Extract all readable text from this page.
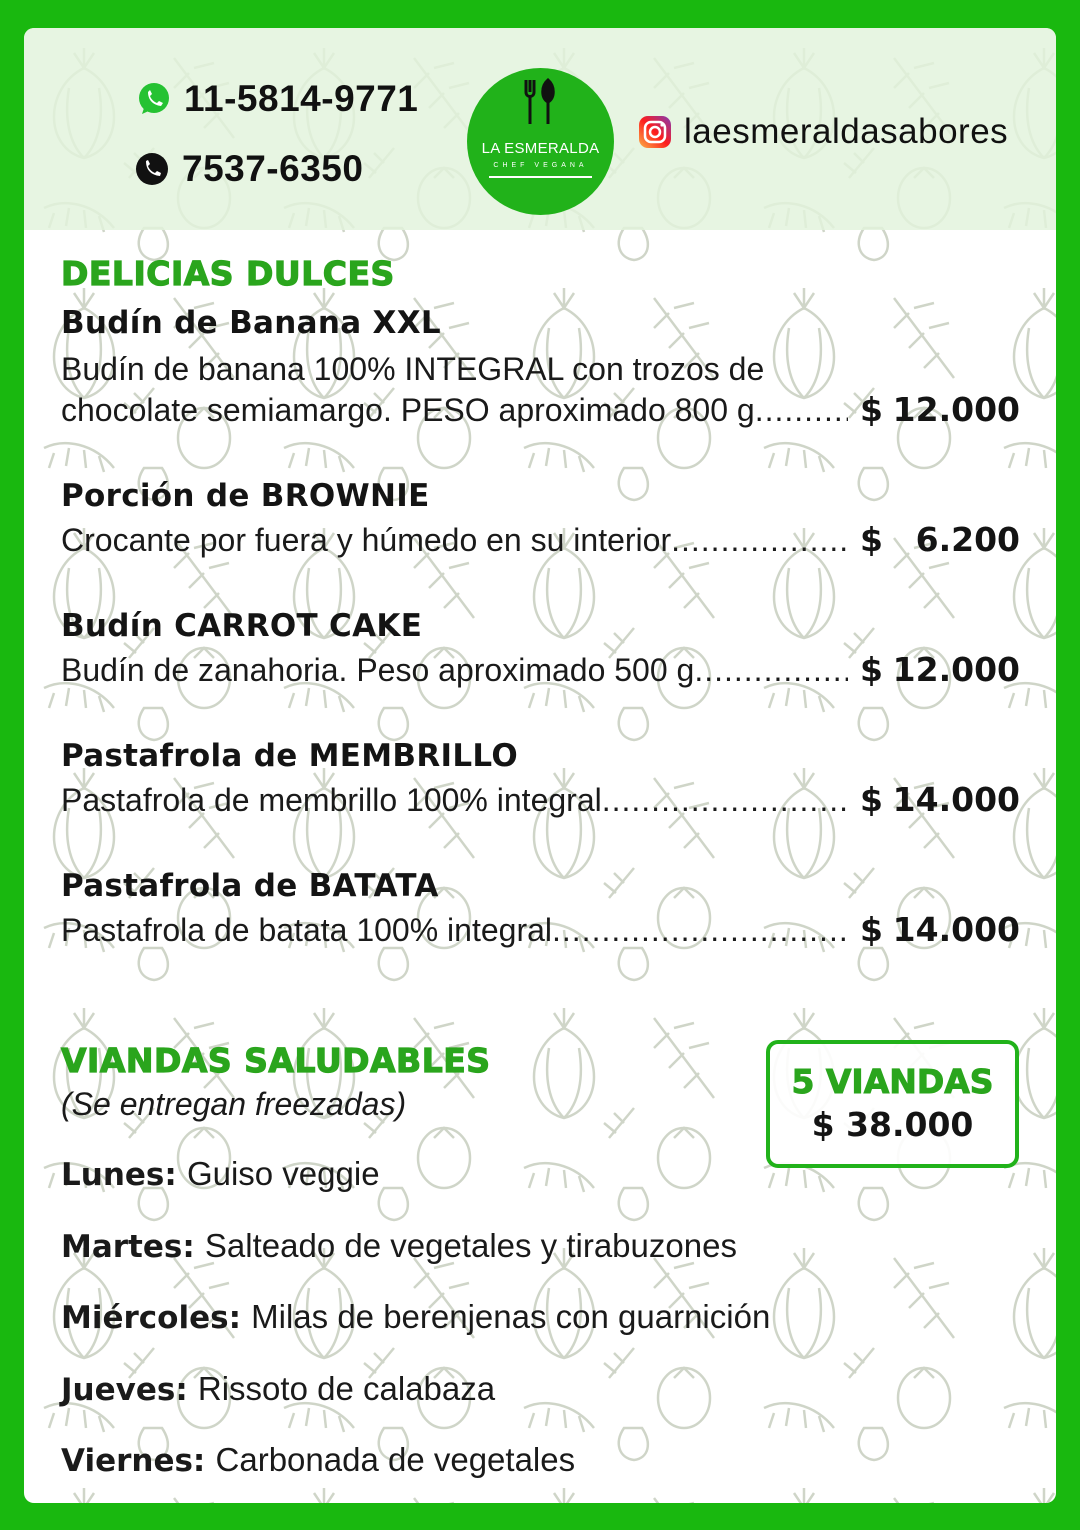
11-5814-9771
7537-6350	LA ESMERALDA
CHEF VEGANA
laesmeraldasabores
DELICIAS DULCES
Budín de Banana XXL
Budín de banana 100% INTEGRAL con trozos de
chocolate semiamargo. PESO aproximado 800 g .....	$ 12.000
Porción de BROWNIE
Crocante por fuera y húmedo en su interior .....	$ 6.200
Budín CARROT CAKE
Budín de zanahoria. Peso aproximado 500 g .....	$ 12.000
Pastafrola de MEMBRILLO
Pastafrola de membrillo 100% integral .....	$ 14.000
Pastafrola de BATATA
Pastafrola de batata 100% integral .....	$ 14.000
VIANDAS SALUDABLES
(Se entregan freezadas)
5 VIANDAS
$ 38.000
Lunes: Guiso veggie
Martes: Salteado de vegetales y tirabuzones
Miércoles: Milas de berenjenas con guarnición
Jueves: Rissoto de calabaza
Viernes: Carbonada de vegetales
